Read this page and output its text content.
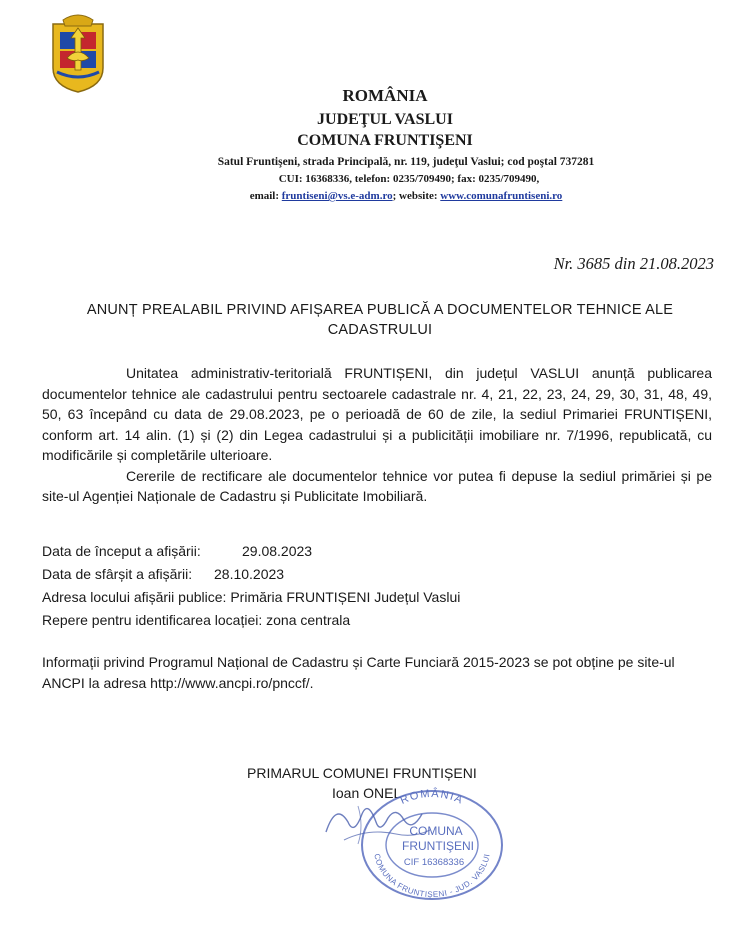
ROMÂNIA
JUDEŢUL VASLUI
COMUNA FRUNTIŞENI
Satul Fruntişeni, strada Principală, nr. 119, judeţul Vaslui; cod poştal 737281
CUI: 16368336, telefon: 0235/709490; fax: 0235/709490,
email: fruntiseni@vs.e-adm.ro; website: www.comunafruntiseni.ro
Nr. 3685 din 21.08.2023
ANUNȚ PREALABIL PRIVIND AFIȘAREA PUBLICĂ A DOCUMENTELOR TEHNICE ALE CADASTRULUI

Unitatea administrativ-teritorială FRUNTIȘENI, din județul VASLUI anunță publicarea documentelor tehnice ale cadastrului pentru sectoarele cadastrale nr. 4, 21, 22, 23, 24, 29, 30, 31, 48, 49, 50, 63 începând cu data de 29.08.2023, pe o perioadă de 60 de zile, la sediul Primariei FRUNTIȘENI, conform art. 14 alin. (1) și (2) din Legea cadastrului și a publicității imobiliare nr. 7/1996, republicată, cu modificările și completările ulterioare.

Cererile de rectificare ale documentelor tehnice vor putea fi depuse la sediul primăriei și pe site-ul Agenției Naționale de Cadastru și Publicitate Imobiliară.

Data de început a afișării:	29.08.2023
Data de sfârșit a afișării: 28.10.2023
Adresa locului afișării publice: Primăria FRUNTIȘENI Județul Vaslui
Repere pentru identificarea locației: zona centrala
Informații privind Programul Național de Cadastru și Carte Funciară 2015-2023 se pot obține pe site-ul ANCPI la adresa http://www.ancpi.ro/pnccf/.
PRIMARUL COMUNEI FRUNTIȘENI
Ioan ONEL
ROMÂNIA
COMUNA
FRUNTIŞENI
CIF 16368336
COMUNA FRUNTIŞENI - JUD. VASLUI
